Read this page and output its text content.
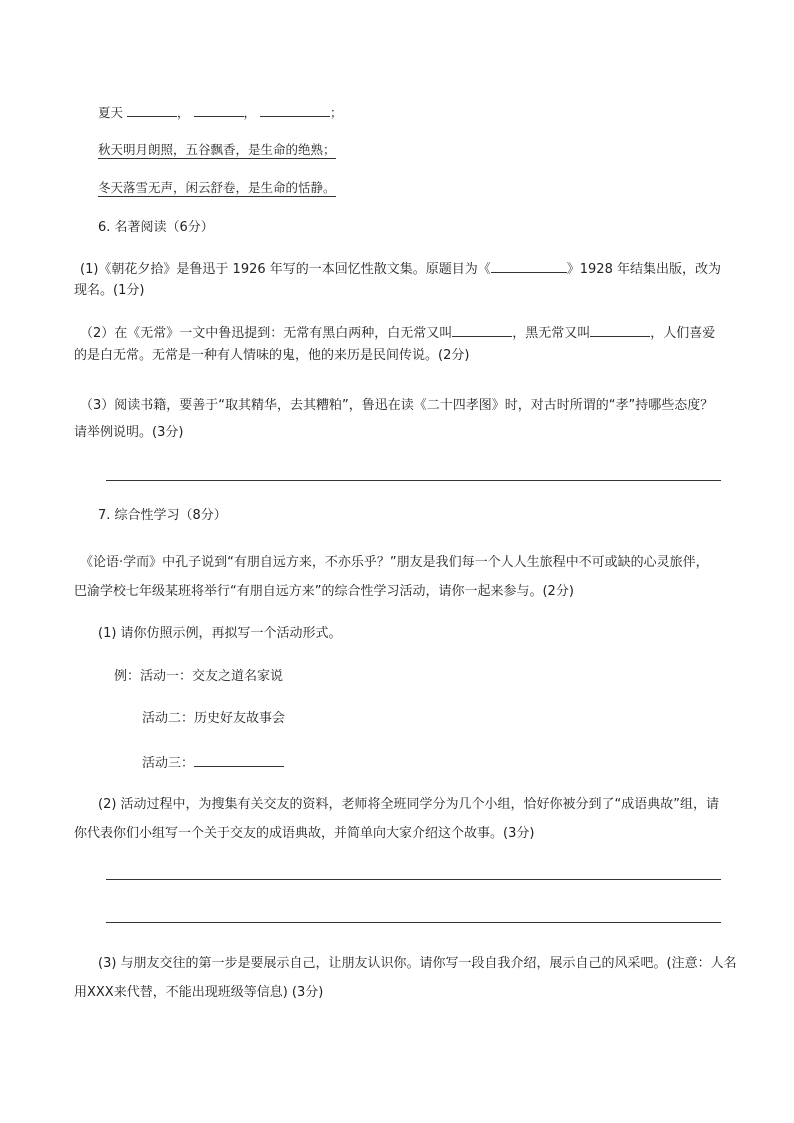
夏天	，	，	；
秋天明月朗照，五谷飘香，是生命的绝熟；
冬天落雪无声，闲云舒卷，是生命的恬静。
6. 名著阅读（6分）
(1)《朝花夕拾》是鲁迅于 1926 年写的一本回忆性散文集。原题目为《	》1928 年结集出版，改为
现名。(1分)
（2）在《无常》一文中鲁迅提到：无常有黑白两种，白无常又叫	，黑无常又叫	，人们喜爱
的是白无常。无常是一种有人情味的鬼，他的来历是民间传说。(2分)
（3）阅读书籍，要善于“取其精华，去其糟粕”，鲁迅在读《二十四孝图》时，对古时所谓的“孝”持哪些态度？
请举例说明。(3分)
7. 综合性学习（8分）
《论语·学而》中孔子说到“有朋自远方来，不亦乐乎？”朋友是我们每一个人人生旅程中不可或缺的心灵旅伴，
巴渝学校七年级某班将举行“有朋自远方来”的综合性学习活动，请你一起来参与。(2分)
(1) 请你仿照示例，再拟写一个活动形式。
例：活动一：交友之道名家说
活动二：历史好友故事会
活动三：
(2) 活动过程中，为搜集有关交友的资料，老师将全班同学分为几个小组，恰好你被分到了“成语典故”组，请
你代表你们小组写一个关于交友的成语典故，并简单向大家介绍这个故事。(3分)
(3) 与朋友交往的第一步是要展示自己，让朋友认识你。请你写一段自我介绍，展示自己的风采吧。(注意：人名
用XXX来代替，不能出现班级等信息) (3分)
